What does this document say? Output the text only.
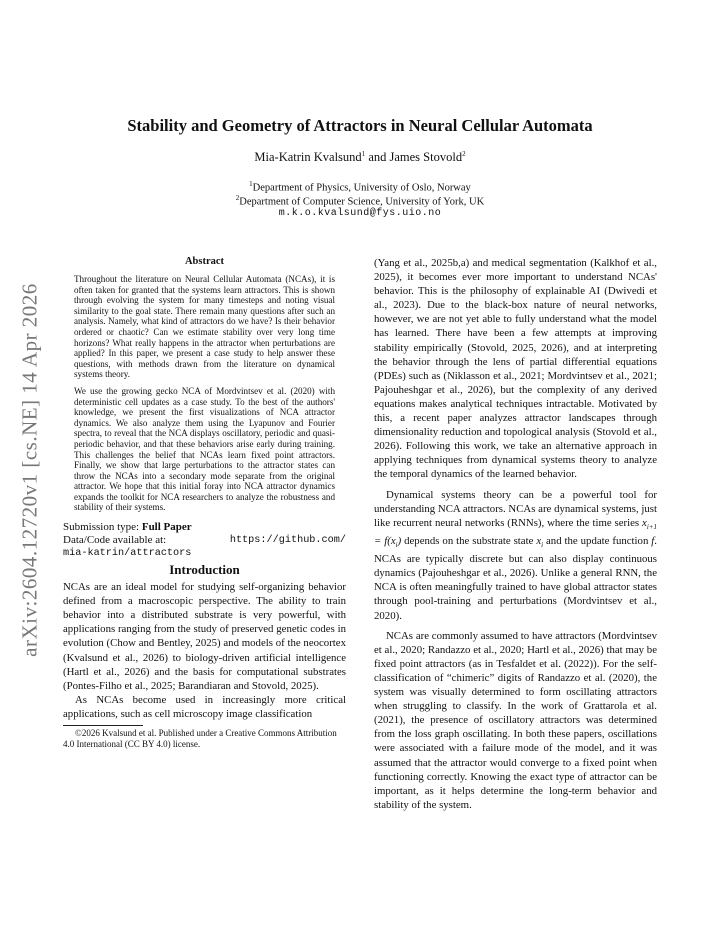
arXiv:2604.12720v1 [cs.NE] 14 Apr 2026
Stability and Geometry of Attractors in Neural Cellular Automata
Mia-Katrin Kvalsund$^1$ and James Stovold$^2$
$^1$Department of Physics, University of Oslo, Norway
$^2$Department of Computer Science, University of York, UK
m.k.o.kvalsund@fys.uio.no
Abstract

Throughout the literature on Neural Cellular Automata (NCAs), it is often taken for granted that the systems learn attractors. This is shown through evolving the system for many timesteps and noting visual similarity to the goal state. There remain many questions after such an analysis. Namely, what kind of attractors do we have? Is their behavior ordered or chaotic? Can we estimate stability over very long time horizons? What really happens in the attractor when perturbations are applied? In this paper, we present a case study to help answer these questions, with methods drawn from the literature on dynamical systems theory.

We use the growing gecko NCA of Mordvintsev et al. (2020) with deterministic cell updates as a case study. To the best of the authors' knowledge, we present the first visualizations of NCA attractor dynamics. We also analyze them using the Lyapunov and Fourier spectra, to reveal that the NCA displays oscillatory, periodic and quasi-periodic behavior, and that these behaviors arise early during training. This challenges the belief that NCAs learn fixed point attractors. Finally, we show that large perturbations to the attractor states can throw the NCAs into a secondary mode separate from the original attractor. We hope that this initial foray into NCA attractor dynamics expands the toolkit for NCA researchers to analyze the robustness and stability of their systems.

Submission type: Full Paper
Data/Code available at:	https://github.com/
mia-katrin/attractors
Introduction

NCAs are an ideal model for studying self-organizing behavior defined from a macroscopic perspective. The ability to train behavior into a distributed substrate is very powerful, with applications ranging from the study of preserved genetic codes in evolution (Chow and Bentley, 2025) and models of the neocortex (Kvalsund et al., 2026) to biology-driven artificial intelligence (Hartl et al., 2026) and the basis for computational substrates (Pontes-Filho et al., 2025; Barandiaran and Stovold, 2025).

As NCAs become used in increasingly more critical applications, such as cell microscopy image classification

©2026 Kvalsund et al. Published under a Creative Commons Attribution 4.0 International (CC BY 4.0) license.

(Yang et al., 2025b,a) and medical segmentation (Kalkhof et al., 2025), it becomes ever more important to understand NCAs' behavior. This is the philosophy of explainable AI (Dwivedi et al., 2023). Due to the black-box nature of neural networks, however, we are not yet able to fully understand what the model has learned. There have been a few attempts at improving stability empirically (Stovold, 2025, 2026), and at interpreting the behavior through the lens of partial differential equations (PDEs) such as (Niklasson et al., 2021; Mordvintsev et al., 2021; Pajouheshgar et al., 2026), but the complexity of any derived equations makes analytical techniques intractable. Motivated by this, a recent paper analyzes attractor landscapes through dimensionality reduction and topological analysis (Stovold et al., 2026). Following this work, we take an alternative approach in applying techniques from dynamical systems theory to analyze the temporal dynamics of the learned behavior.

Dynamical systems theory can be a powerful tool for understanding NCA attractors. NCAs are dynamical systems, just like recurrent neural networks (RNNs), where the time series $x_{i+1} = f(x_i)$ depends on the substrate state $x_i$ and the update function f. NCAs are typically discrete but can also display continuous dynamics (Pajouheshgar et al., 2026). Unlike a general RNN, the NCA is often meaningfully trained to have global attractor states through pool-training and perturbations (Mordvintsev et al., 2020).

NCAs are commonly assumed to have attractors (Mordvintsev et al., 2020; Randazzo et al., 2020; Hartl et al., 2026) that may be fixed point attractors (as in Tesfaldet et al. (2022)). For the self-classification of “chimeric” digits of Randazzo et al. (2020), the system was visually determined to form oscillating attractors when struggling to classify. In the work of Grattarola et al. (2021), the presence of oscillatory attractors was determined from the loss graph oscillating. In both these papers, oscillations were associated with a failure mode of the model, and it was assumed that the attractor would converge to a fixed point when functioning correctly. Knowing the exact type of attractor can be important, as it helps determine the long-term behavior and stability of the system.
